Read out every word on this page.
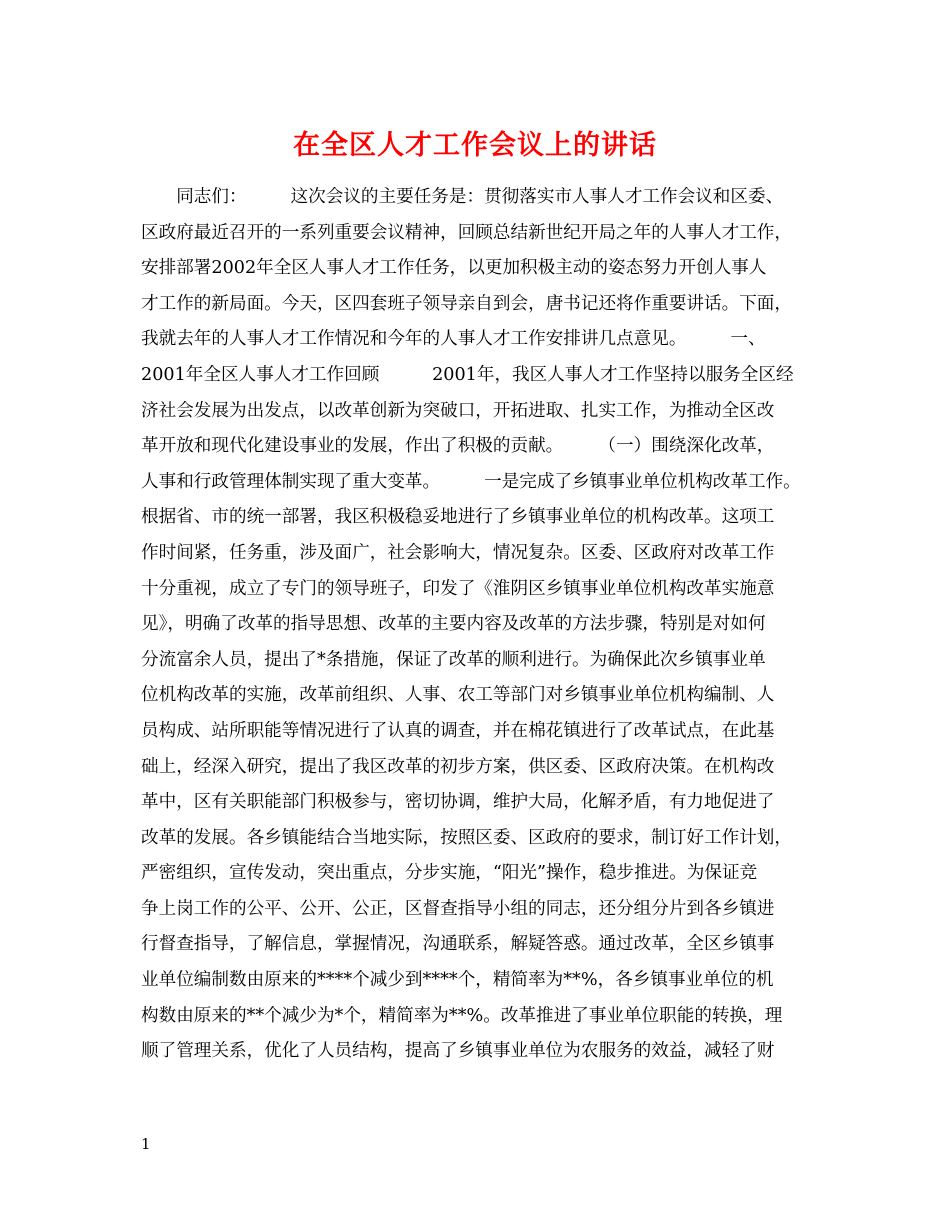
在全区人才工作会议上的讲话
　　同志们：　　　这次会议的主要任务是：贯彻落实市人事人才工作会议和区委、
区政府最近召开的一系列重要会议精神，回顾总结新世纪开局之年的人事人才工作，
安排部署2002年全区人事人才工作任务，以更加积极主动的姿态努力开创人事人
才工作的新局面。今天，区四套班子领导亲自到会，唐书记还将作重要讲话。下面，
我就去年的人事人才工作情况和今年的人事人才工作安排讲几点意见。　　　一、
2001年全区人事人才工作回顾　　　2001年，我区人事人才工作坚持以服务全区经
济社会发展为出发点，以改革创新为突破口，开拓进取、扎实工作，为推动全区改
革开放和现代化建设事业的发展，作出了积极的贡献。　　　（一）围绕深化改革，
人事和行政管理体制实现了重大变革。　　　一是完成了乡镇事业单位机构改革工作。
根据省、市的统一部署，我区积极稳妥地进行了乡镇事业单位的机构改革。这项工
作时间紧，任务重，涉及面广，社会影响大，情况复杂。区委、区政府对改革工作
十分重视，成立了专门的领导班子，印发了《淮阴区乡镇事业单位机构改革实施意
见》，明确了改革的指导思想、改革的主要内容及改革的方法步骤，特别是对如何
分流富余人员，提出了*条措施，保证了改革的顺利进行。为确保此次乡镇事业单
位机构改革的实施，改革前组织、人事、农工等部门对乡镇事业单位机构编制、人
员构成、站所职能等情况进行了认真的调查，并在棉花镇进行了改革试点，在此基
础上，经深入研究，提出了我区改革的初步方案，供区委、区政府决策。在机构改
革中，区有关职能部门积极参与，密切协调，维护大局，化解矛盾，有力地促进了
改革的发展。各乡镇能结合当地实际，按照区委、区政府的要求，制订好工作计划，
严密组织，宣传发动，突出重点，分步实施，“阳光”操作，稳步推进。为保证竞
争上岗工作的公平、公开、公正，区督查指导小组的同志，还分组分片到各乡镇进
行督查指导，了解信息，掌握情况，沟通联系，解疑答惑。通过改革，全区乡镇事
业单位编制数由原来的****个减少到****个，精简率为**%，各乡镇事业单位的机
构数由原来的**个减少为*个，精简率为**%。改革推进了事业单位职能的转换，理
顺了管理关系，优化了人员结构，提高了乡镇事业单位为农服务的效益，减轻了财
1
